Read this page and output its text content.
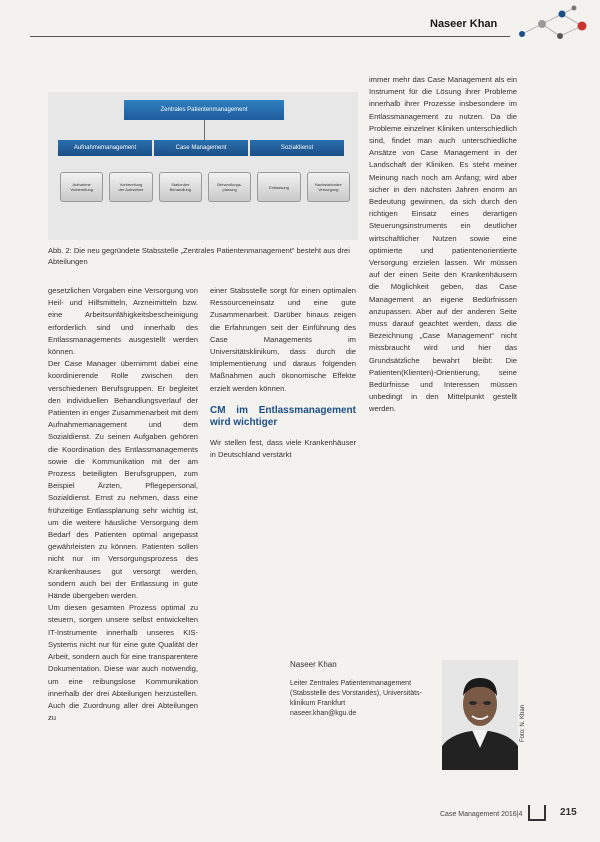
Naseer Khan
Zentrales Patientenmanagement
Aufnahmemanagement	Case Management	Sozialdienst
Aufnahme
Vorbereitung
Vorbereitung
der Aufnahme
Stationäre
Behandlung
Behandlungs-
planung	Entlassung	Nachstationäre
Versorgung
Abb. 2: Die neu gegründete Stabsstelle „Zentrales Patientenmanagement“ besteht aus drei Abteilungen

gesetzlichen Vorgaben eine Versorgung von Heil- und Hilfsmitteln, Arzneimitteln bzw. eine Arbeitsunfähigkeitsbescheinigung erforderlich sind und innerhalb des Entlassmanagements ausgestellt werden können.

Der Case Manager übernimmt dabei eine koordinierende Rolle zwischen den verschiedenen Berufsgruppen. Er begleitet den individuellen Behandlungsverlauf der Patienten in enger Zusammenarbeit mit dem Aufnahmemanagement und dem Sozialdienst. Zu seinen Aufgaben gehören die Koordination des Entlassmanagements sowie die Kommunikation mit der am Prozess beteiligten Berufsgruppen, zum Beispiel Ärzten, Pflegepersonal, Sozialdienst. Ernst zu nehmen, dass eine frühzeitige Entlassplanung sehr wichtig ist, um die weitere häusliche Versorgung dem Bedarf des Patienten optimal angepasst gewährleisten zu können. Patienten sollen nicht nur im Versorgungsprozess des Krankenhauses gut versorgt werden, sondern auch bei der Entlassung in gute Hände übergeben werden.

Um diesen gesamten Prozess optimal zu steuern, sorgen unsere selbst entwickelten IT-Instrumente innerhalb unseres KIS-Systems nicht nur für eine gute Qualität der Arbeit, sondern auch für eine transparentere Dokumentation. Diese war auch notwendig, um eine reibungslose Kommunikation innerhalb der drei Abteilungen herzustellen. Auch die Zuordnung aller drei Abteilungen zu

einer Stabsstelle sorgt für einen optimalen Ressourceneinsatz und eine gute Zusammenarbeit. Darüber hinaus zeigen die Erfahrungen seit der Einführung des Case Managements im Universitätsklinikum, dass durch die Implementierung und daraus folgenden Maßnahmen auch ökonomische Effekte erzielt werden können.

CM im Entlassmanagement wird wichtiger

Wir stellen fest, dass viele Krankenhäuser in Deutschland verstärkt

immer mehr das Case Management als ein Instrument für die Lösung ihrer Probleme innerhalb ihrer Prozesse insbesondere im Entlassmanagement zu nutzen. Da die Probleme einzelner Kliniken unterschiedlich sind, findet man auch unterschiedliche Ansätze von Case Management in der Landschaft der Kliniken. Es steht meiner Meinung nach noch am Anfang; wird aber sicher in den nächsten Jahren enorm an Bedeutung gewinnen, da sich durch den richtigen Einsatz eines derartigen Steuerungsinstruments ein deutlicher wirtschaftlicher Nutzen sowie eine optimierte und patientenorientierte Versorgung erzielen lassen. Wir müssen auf der einen Seite den Krankenhäusern die Möglichkeit geben, das Case Management an eigene Bedürfnissen anzupassen. Aber auf der anderen Seite muss darauf geachtet werden, dass die Bezeichnung „Case Management“ nicht missbraucht wird und hier das Grundsätzliche bewahrt bleibt: Die Patienten(Klienten)-Orientierung, seine Bedürfnisse und Interessen müssen unbedingt in den Mittelpunkt gestellt werden.

Naseer Khan
Leiter Zentrales Patientenmanagement
(Stabsstelle des Vorstandes), Universitäts-
klinikum Frankfurt
naseer.khan@kgu.de	Foto: N. Khan
Case Management 2016|4	215
